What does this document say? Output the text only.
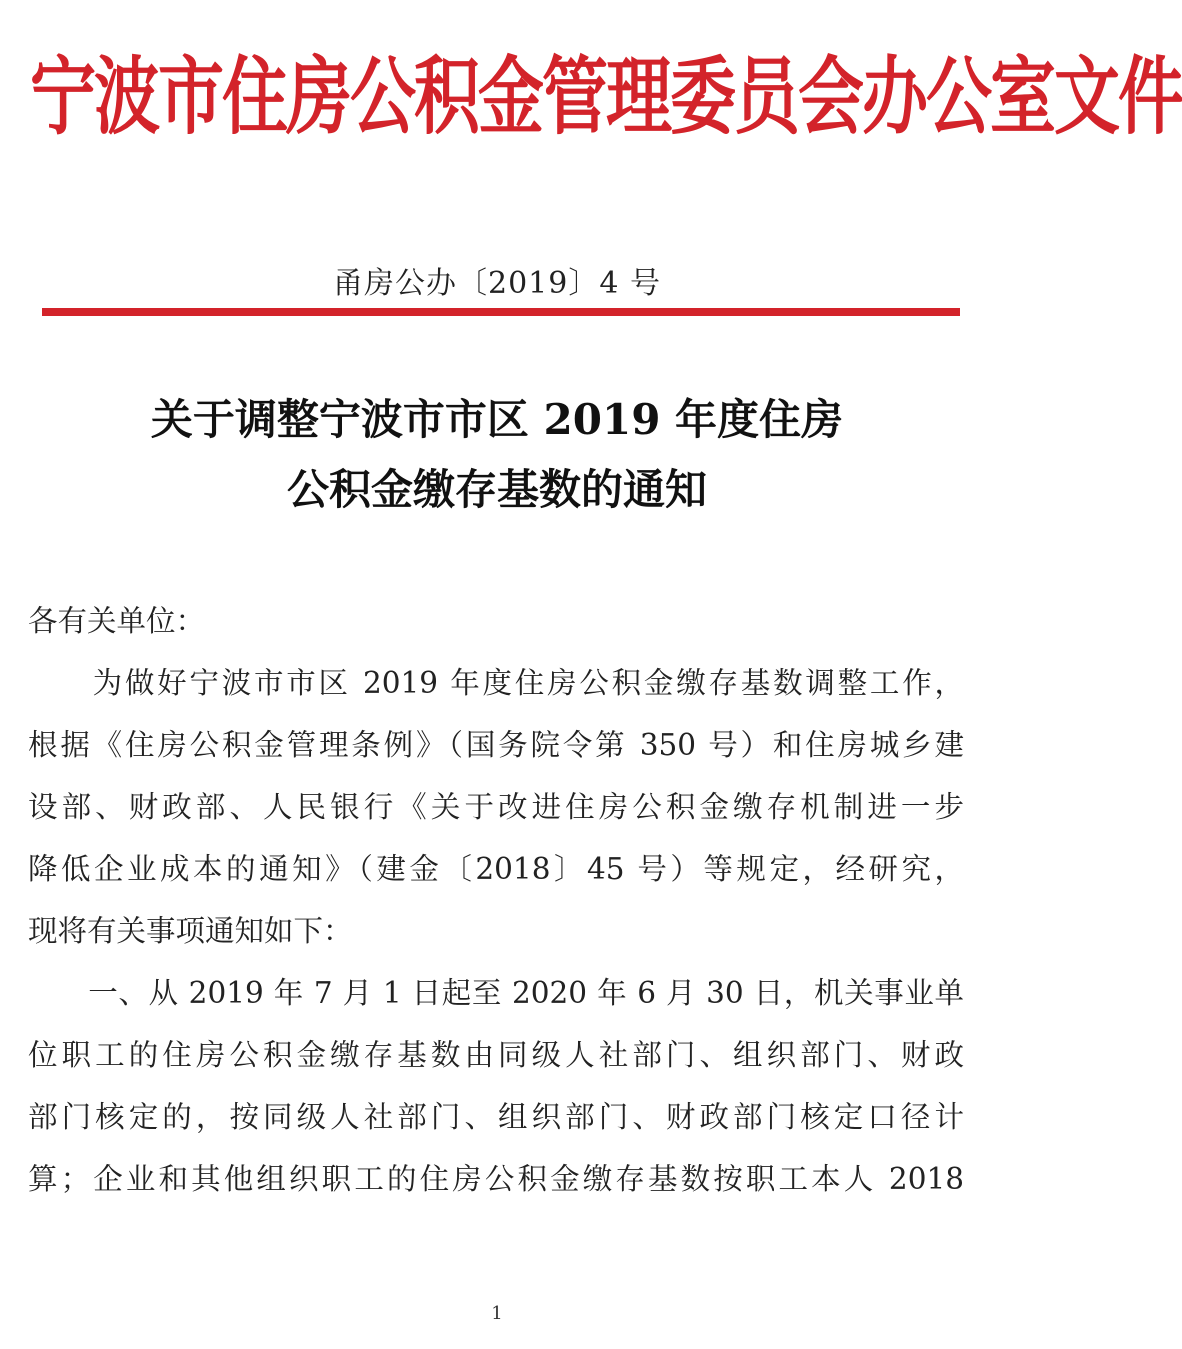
宁波市住房公积金管理委员会办公室文件
甬房公办〔2019〕4 号
关于调整宁波市市区 2019 年度住房
公积金缴存基数的通知
各有关单位：
　　为做好宁波市市区 2019 年度住房公积金缴存基数调整工作，
根据《住房公积金管理条例》（国务院令第 350 号）和住房城乡建
设部、财政部、人民银行《关于改进住房公积金缴存机制进一步
降低企业成本的通知》（建金〔2018〕45 号）等规定，经研究，
现将有关事项通知如下：
　　一、从 2019 年 7 月 1 日起至 2020 年 6 月 30 日，机关事业单
位职工的住房公积金缴存基数由同级人社部门、组织部门、财政
部门核定的，按同级人社部门、组织部门、财政部门核定口径计
算；企业和其他组织职工的住房公积金缴存基数按职工本人 2018
1
